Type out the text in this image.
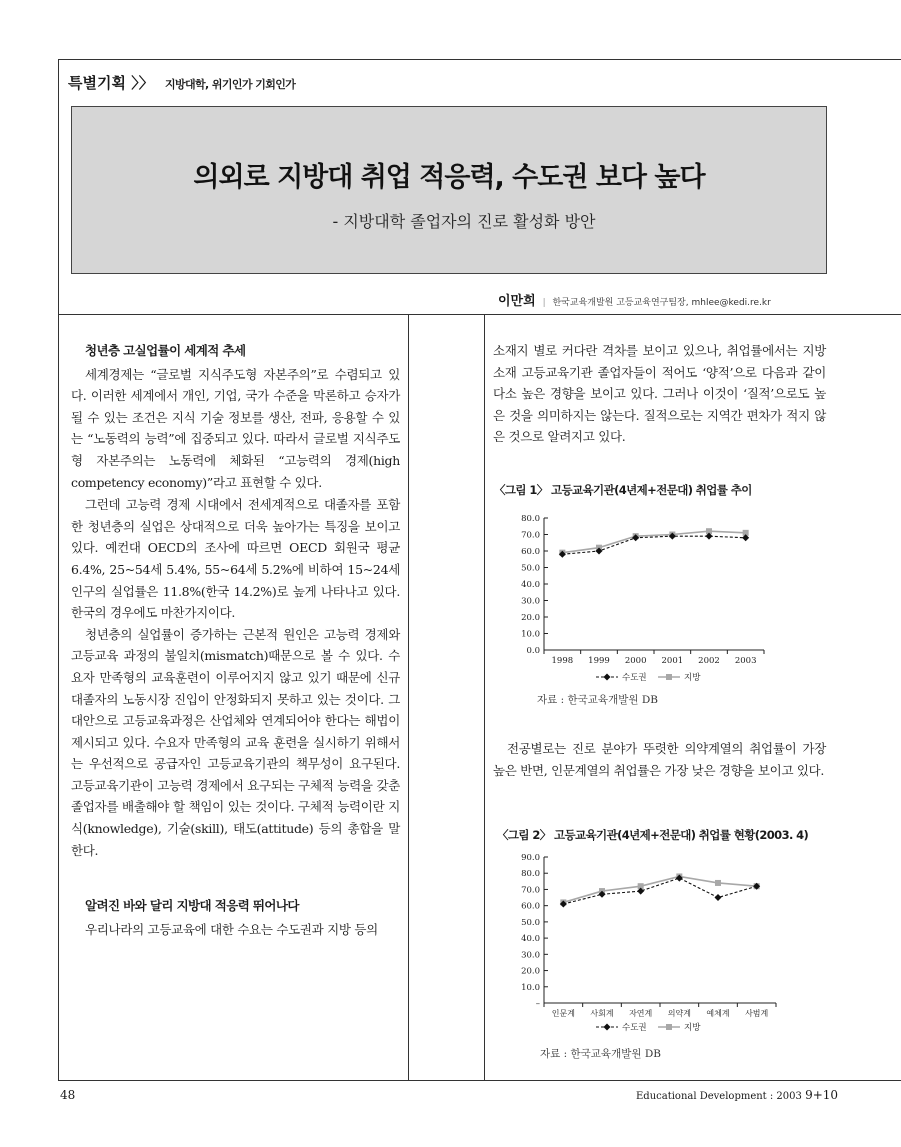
특별기획 〉〉 지방대학, 위기인가 기회인가
의외로 지방대 취업 적응력, 수도권 보다 높다
- 지방대학 졸업자의 진로 활성화 방안
이만희 | 한국교육개발원 고등교육연구팀장, mhlee@kedi.re.kr
청년층 고실업률이 세계적 추세

세계경제는 “글로벌 지식주도형 자본주의”로 수렴되고 있다. 이러한 세계에서 개인, 기업, 국가 수준을 막론하고 승자가 될 수 있는 조건은 지식 기술 정보를 생산, 전파, 응용할 수 있는 “노동력의 능력”에 집중되고 있다. 따라서 글로벌 지식주도형 자본주의는 노동력에 체화된 “고능력의 경제(high competency economy)”라고 표현할 수 있다.

그런데 고능력 경제 시대에서 전세계적으로 대졸자를 포함한 청년층의 실업은 상대적으로 더욱 높아가는 특징을 보이고 있다. 예컨대 OECD의 조사에 따르면 OECD 회원국 평균 6.4%, 25~54세 5.4%, 55~64세 5.2%에 비하여 15~24세 인구의 실업률은 11.8%(한국 14.2%)로 높게 나타나고 있다. 한국의 경우에도 마찬가지이다.

청년층의 실업률이 증가하는 근본적 원인은 고능력 경제와 고등교육 과정의 불일치(mismatch)때문으로 볼 수 있다. 수요자 만족형의 교육훈련이 이루어지지 않고 있기 때문에 신규 대졸자의 노동시장 진입이 안정화되지 못하고 있는 것이다. 그 대안으로 고등교육과정은 산업체와 연계되어야 한다는 해법이 제시되고 있다. 수요자 만족형의 교육 훈련을 실시하기 위해서는 우선적으로 공급자인 고등교육기관의 책무성이 요구된다. 고등교육기관이 고능력 경제에서 요구되는 구체적 능력을 갖춘 졸업자를 배출해야 할 책임이 있는 것이다. 구체적 능력이란 지식(knowledge), 기술(skill), 태도(attitude) 등의 총합을 말한다.

알려진 바와 달리 지방대 적응력 뛰어나다

우리나라의 고등교육에 대한 수요는 수도권과 지방 등의

소재지 별로 커다란 격차를 보이고 있으나, 취업률에서는 지방 소재 고등교육기관 졸업자들이 적어도 ‘양적’으로 다음과 같이 다소 높은 경향을 보이고 있다. 그러나 이것이 ‘질적’으로도 높은 것을 의미하지는 않는다. 질적으로는 지역간 편차가 적지 않은 것으로 알려지고 있다.

〈그림 1〉 고등교육기관(4년제+전문대) 취업률 추이
0.0
10.0
20.0
30.0
40.0
50.0
60.0
70.0
80.0
1998 1999 2000 2001 2002 2003
수도권	지방
자료 : 한국교육개발원 DB

전공별로는 진로 분야가 뚜렷한 의약계열의 취업률이 가장 높은 반면, 인문계열의 취업률은 가장 낮은 경향을 보이고 있다.

〈그림 2〉 고등교육기관(4년제+전문대) 취업률 현황(2003. 4)
–
10.0
20.0
30.0
40.0
50.0
60.0
70.0
80.0
90.0
인문계 사회계 자연계 의약계 예체계 사범계
수도권	지방
자료 : 한국교육개발원 DB
48	Educational Development : 2003 9+10
